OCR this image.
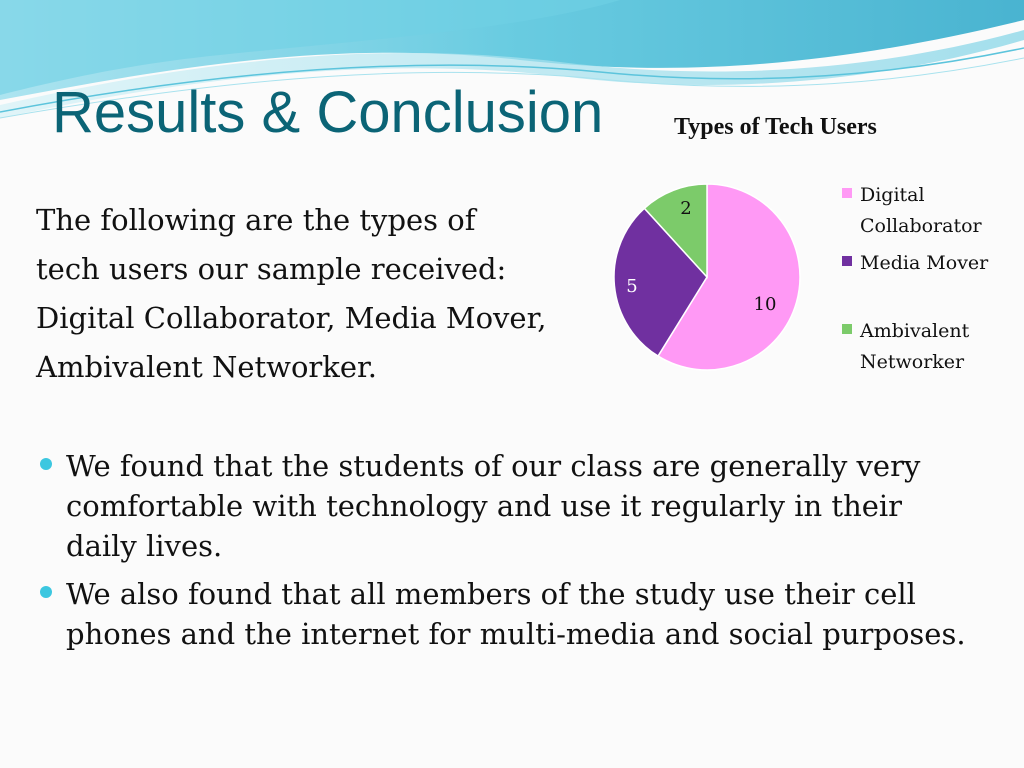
Results & Conclusion
The following are the types of
tech users our sample received:
Digital Collaborator, Media Mover,
Ambivalent Networker.
Types of Tech Users
10
5
2
Digital
Collaborator
Media Mover
Ambivalent
Networker
We found that the students of our class are generally very comfortable with technology and use it regularly in their daily lives.
We also found that all members of the study use their cell phones and the internet for multi-media and social purposes.
